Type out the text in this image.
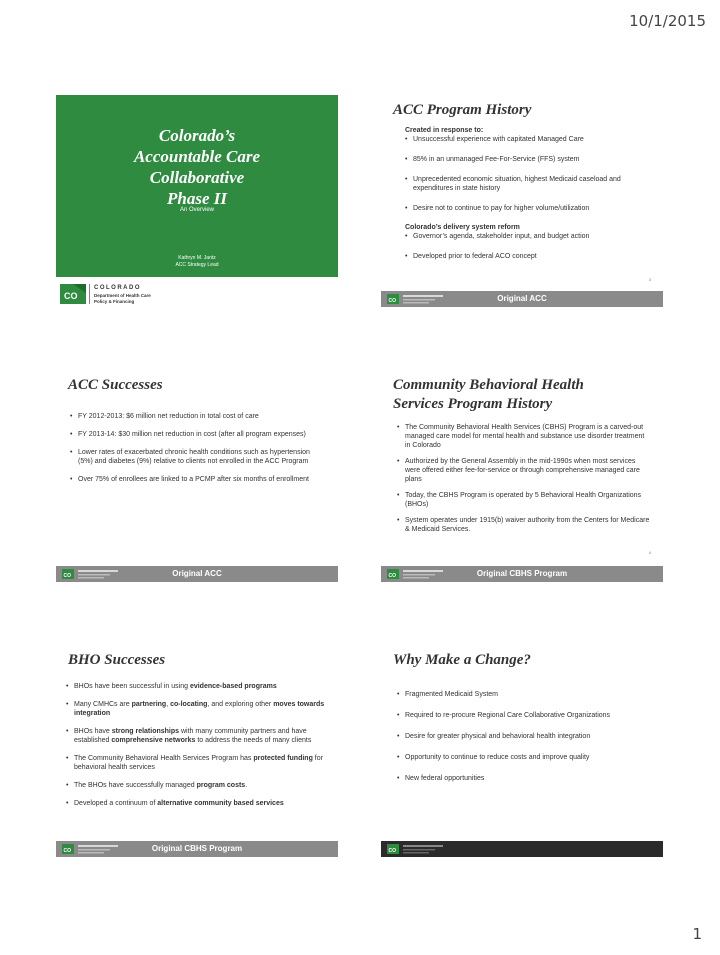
10/1/2015
Colorado’s
Accountable Care
Collaborative
Phase II
An Overview
Kathryn M. Jantz
ACC Strategy Lead
CO
COLORADO
Department of Health Care
Policy & Financing
ACC Program History
Created in response to:
• Unsuccessful experience with capitated Managed Care
• 85% in an unmanaged Fee-For-Service (FFS) system
• Unprecedented economic situation, highest Medicaid caseload and expenditures in state history
• Desire not to continue to pay for higher volume/utilization
Colorado’s delivery system reform
• Governor’s agenda, stakeholder input, and budget action
• Developed prior to federal ACO concept
3
CO	Original ACC
ACC Successes
• FY 2012-2013: $6 million net reduction in total cost of care
• FY 2013-14: $30 million net reduction in cost (after all program expenses)
• Lower rates of exacerbated chronic health conditions such as hypertension (5%) and diabetes (9%) relative to clients not enrolled in the ACC Program
• Over 75% of enrollees are linked to a PCMP after six months of enrollment
CO	Original ACC
Community Behavioral Health
Services Program History
• The Community Behavioral Health Services (CBHS) Program is a carved-out managed care model for mental health and substance use disorder treatment in Colorado
• Authorized by the General Assembly in the mid-1990s when most services were offered either fee-for-service or through comprehensive managed care plans
• Today, the CBHS Program is operated by 5 Behavioral Health Organizations (BHOs)
• System operates under 1915(b) waiver authority from the Centers for Medicare & Medicaid Services.
4
CO	Original CBHS Program
BHO Successes
• BHOs have been successful in using evidence-based programs
• Many CMHCs are partnering, co-locating, and exploring other moves towards integration
• BHOs have strong relationships with many community partners and have established comprehensive networks to address the needs of many clients
• The Community Behavioral Health Services Program has protected funding for behavioral health services
• The BHOs have successfully managed program costs.
• Developed a continuum of alternative community based services
CO	Original CBHS Program
Why Make a Change?
• Fragmented Medicaid System
• Required to re-procure Regional Care Collaborative Organizations
• Desire for greater physical and behavioral health integration
• Opportunity to continue to reduce costs and improve quality
• New federal opportunities
CO
1
